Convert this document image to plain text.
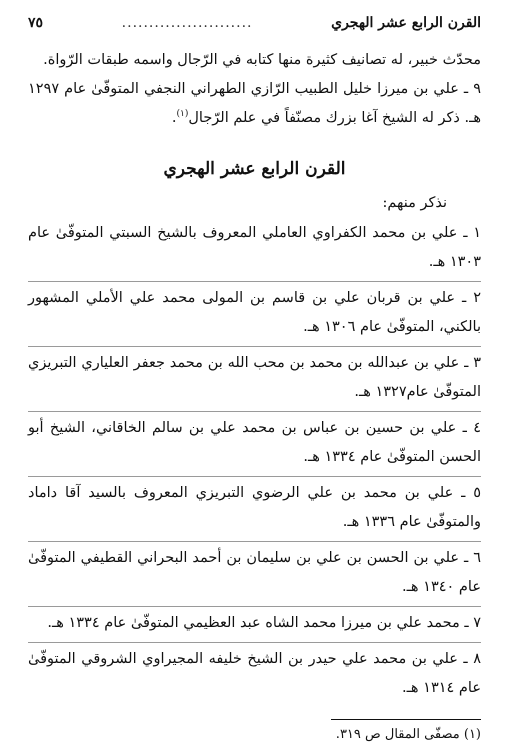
القرن الرابع عشر الهجري
........................
٧٥

محدّث خبير، له تصانيف كثيرة منها كتابه في الرّجال واسمه طبقات الرّواة.

٩ ـ علي بن ميرزا خليل الطبيب الرّازي الطهراني النجفي المتوفّىٰ عام ١٢٩٧ هـ. ذكر له الشيخ آغا بزرك مصنّفاً في علم الرّجال$^{(١)}$.

القرن الرابع عشر الهجري

نذكر منهم:

١ ـ علي بن محمد الكفراوي العاملي المعروف بالشيخ السبتي المتوفّىٰ عام ١٣٠٣ هـ.

٢ ـ علي بن قربان علي بن قاسم بن المولى محمد علي الأملي المشهور بالكني، المتوفّىٰ عام ١٣٠٦ هـ.

٣ ـ علي بن عبدالله بن محمد بن محب الله بن محمد جعفر العلياري التبريزي المتوفّىٰ عام١٣٢٧ هـ.

٤ ـ علي بن حسين بن عباس بن محمد علي بن سالم الخاقاني، الشيخ أبو الحسن المتوفّىٰ عام ١٣٣٤ هـ.

٥ ـ علي بن محمد بن علي الرضوي التبريزي المعروف بالسيد آقا داماد والمتوفّىٰ عام ١٣٣٦ هـ.

٦ ـ علي بن الحسن بن علي بن سليمان بن أحمد البحراني القطيفي المتوفّىٰ عام ١٣٤٠ هـ.

٧ ـ محمد علي بن ميرزا محمد الشاه عبد العظيمي المتوفّىٰ عام ١٣٣٤ هـ.

٨ ـ علي بن محمد علي حيدر بن الشيخ خليفه المجيراوي الشروقي المتوفّىٰ عام ١٣١٤ هـ.

(١) مصفّى المقال ص ٣١٩.
